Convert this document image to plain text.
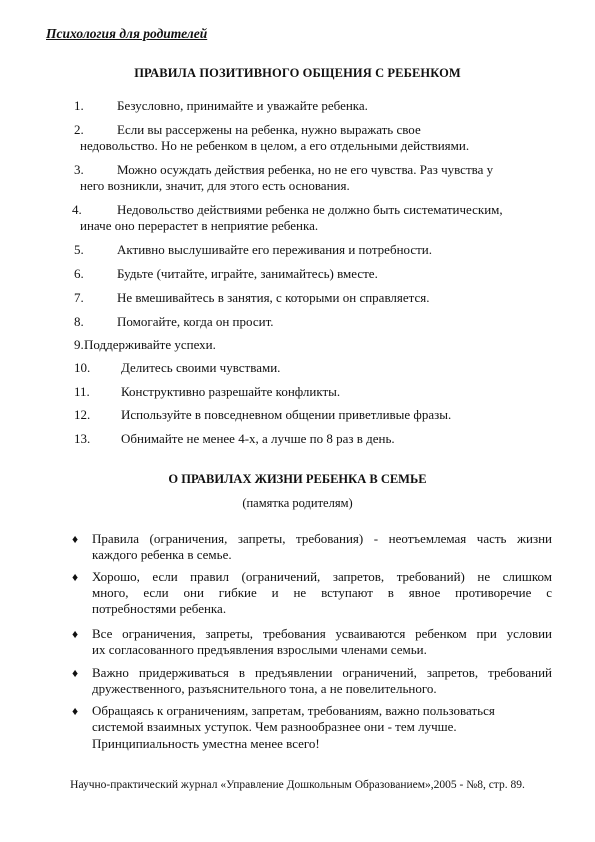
Психология для родителей
ПРАВИЛА ПОЗИТИВНОГО ОБЩЕНИЯ С РЕБЕНКОМ
1.	Безусловно, принимайте и уважайте ребенка.
2.	Если вы рассержены на ребенка, нужно выражать свое
недовольство. Но не ребенком в целом, а его отдельными действиями.
3.	Можно осуждать действия ребенка, но не его чувства. Раз чувства у
него возникли, значит, для этого есть основания.
4.	Недовольство действиями ребенка не должно быть систематическим,
иначе оно перерастет в неприятие ребенка.
5.	Активно выслушивайте его переживания и потребности.
6.	Будьте (читайте, играйте, занимайтесь) вместе.
7.	Не вмешивайтесь в занятия, с которыми он справляется.
8.	Помогайте, когда он просит.
9. Поддерживайте успехи.
10. Делитесь своими чувствами.
11. Конструктивно разрешайте конфликты.
12. Используйте в повседневном общении приветливые фразы.
13. Обнимайте не менее 4-х, а лучше по 8 раз в день.
О ПРАВИЛАХ ЖИЗНИ РЕБЕНКА В СЕМЬЕ
(памятка родителям)
♦ Правила (ограничения, запреты, требования) - неотъемлемая часть жизни
каждого ребенка в семье.
♦ Хорошо, если правил (ограничений, запретов, требований) не слишком
много, если они гибкие и не вступают в явное противоречие с
потребностями ребенка.
♦ Все ограничения, запреты, требования усваиваются ребенком при условии
их согласованного предъявления взрослыми членами семьи.
♦ Важно придерживаться в предъявлении ограничений, запретов, требований
дружественного, разъяснительного тона, а не повелительного.
♦ Обращаясь к ограничениям, запретам, требованиям, важно пользоваться
системой взаимных уступок. Чем разнообразнее они - тем лучше.
Принципиальность уместна менее всего!
Научно-практический журнал «Управление Дошкольным Образованием»,2005 - №8, стр. 89.
